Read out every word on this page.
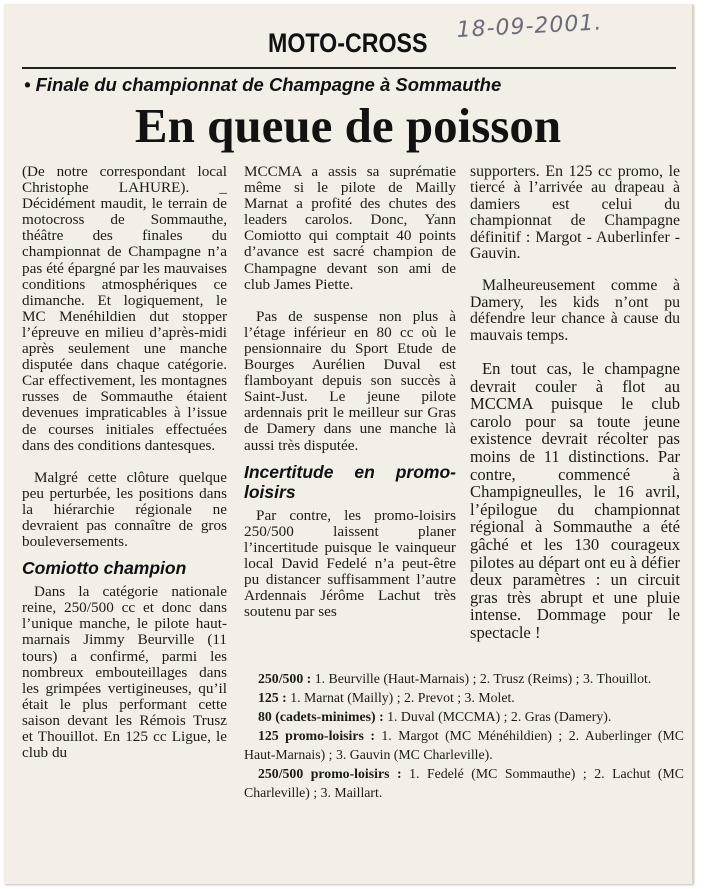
MOTO-CROSS
18-09-2001.
• Finale du championnat de Champagne à Sommauthe
En queue de poisson

(De notre correspondant local Christophe LAHURE). _ Décidément maudit, le terrain de motocross de Sommauthe, théâtre des finales du championnat de Champagne n’a pas été épargné par les mauvaises conditions atmosphériques ce dimanche. Et logiquement, le MC Menéhildien dut stopper l’épreuve en milieu d’après-midi après seulement une manche disputée dans chaque catégorie. Car effectivement, les montagnes russes de Sommauthe étaient devenues impraticables à l’issue de courses initiales effectuées dans des conditions dantesques.

Malgré cette clôture quelque peu perturbée, les positions dans la hiérarchie régionale ne devraient pas connaître de gros bouleversements.

Comiotto champion

Dans la catégorie nationale reine, 250/500 cc et donc dans l’unique manche, le pilote haut-marnais Jimmy Beurville (11 tours) a confirmé, parmi les nombreux embouteillages dans les grimpées vertigineuses, qu’il était le plus performant cette saison devant les Rémois Trusz et Thouillot. En 125 cc Ligue, le club du

MCCMA a assis sa suprématie même si le pilote de Mailly Marnat a profité des chutes des leaders carolos. Donc, Yann Comiotto qui comptait 40 points d’avance est sacré champion de Champagne devant son ami de club James Piette.

Pas de suspense non plus à l’étage inférieur en 80 cc où le pensionnaire du Sport Etude de Bourges Aurélien Duval est flamboyant depuis son succès à Saint-Just. Le jeune pilote ardennais prit le meilleur sur Gras de Damery dans une manche là aussi très disputée.

Incertitude en promo-loisirs

Par contre, les promo-loisirs 250/500 laissent planer l’incertitude puisque le vainqueur local David Fedelé n’a peut-être pu distancer suffisamment l’autre Ardennais Jérôme Lachut très soutenu par ses

supporters. En 125 cc promo, le tiercé à l’arrivée au drapeau à damiers est celui du championnat de Champagne définitif : Margot - Auberlinfer - Gauvin.

Malheureusement comme à Damery, les kids n’ont pu défendre leur chance à cause du mauvais temps.

En tout cas, le champagne devrait couler à flot au MCCMA puisque le club carolo pour sa toute jeune existence devrait récolter pas moins de 11 distinctions. Par contre, commencé à Champigneulles, le 16 avril, l’épilogue du championnat régional à Sommauthe a été gâché et les 130 courageux pilotes au départ ont eu à défier deux paramètres : un circuit gras très abrupt et une pluie intense. Dommage pour le spectacle !

250/500 : 1. Beurville (Haut-Marnais) ; 2. Trusz (Reims) ; 3. Thouillot.

125 : 1. Marnat (Mailly) ; 2. Prevot ; 3. Molet.

80 (cadets-minimes) : 1. Duval (MCCMA) ; 2. Gras (Damery).

125 promo-loisirs : 1. Margot (MC Ménéhildien) ; 2. Auberlinger (MC Haut-Marnais) ; 3. Gauvin (MC Charleville).

250/500 promo-loisirs : 1. Fedelé (MC Sommauthe) ; 2. Lachut (MC Charleville) ; 3. Maillart.
